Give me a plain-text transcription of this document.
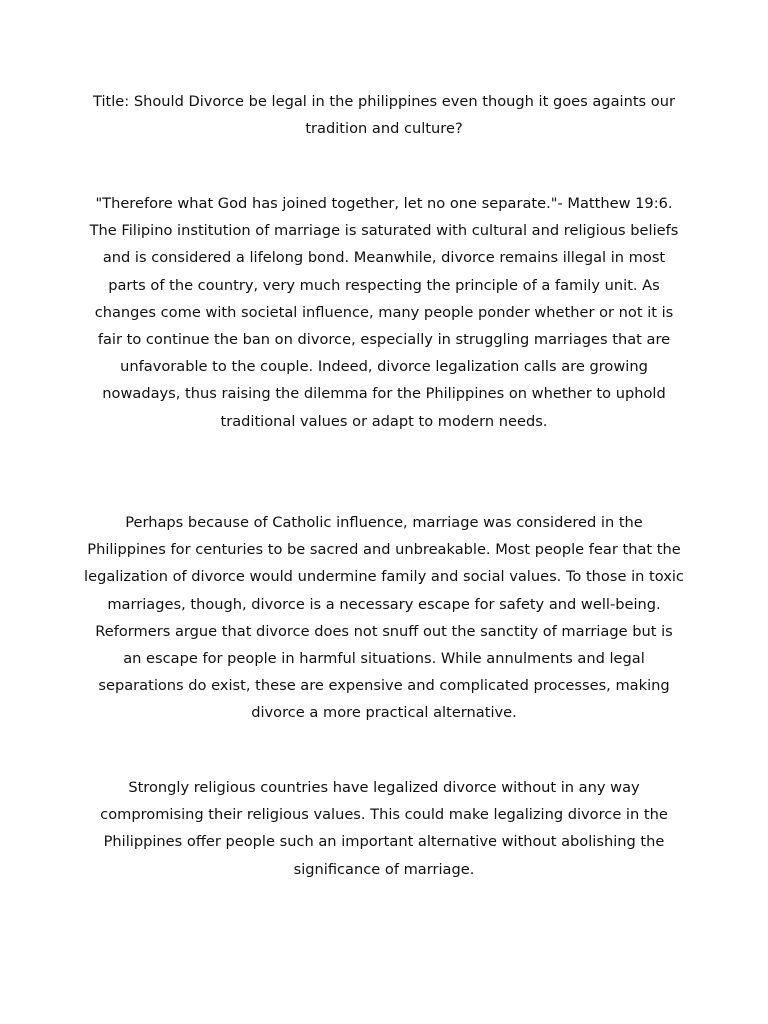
Title: Should Divorce be legal in the philippines even though it goes againts our tradition and culture?

"Therefore what God has joined together, let no one separate."- Matthew 19:6. The Filipino institution of marriage is saturated with cultural and religious beliefs and is considered a lifelong bond. Meanwhile, divorce remains illegal in most parts of the country, very much respecting the principle of a family unit. As changes come with societal influence, many people ponder whether or not it is fair to continue the ban on divorce, especially in struggling marriages that are unfavorable to the couple. Indeed, divorce legalization calls are growing nowadays, thus raising the dilemma for the Philippines on whether to uphold traditional values or adapt to modern needs.

Perhaps because of Catholic influence, marriage was considered in the Philippines for centuries to be sacred and unbreakable. Most people fear that the legalization of divorce would undermine family and social values. To those in toxic marriages, though, divorce is a necessary escape for safety and well-being. Reformers argue that divorce does not snuff out the sanctity of marriage but is an escape for people in harmful situations. While annulments and legal separations do exist, these are expensive and complicated processes, making divorce a more practical alternative.

Strongly religious countries have legalized divorce without in any way compromising their religious values. This could make legalizing divorce in the Philippines offer people such an important alternative without abolishing the significance of marriage.
